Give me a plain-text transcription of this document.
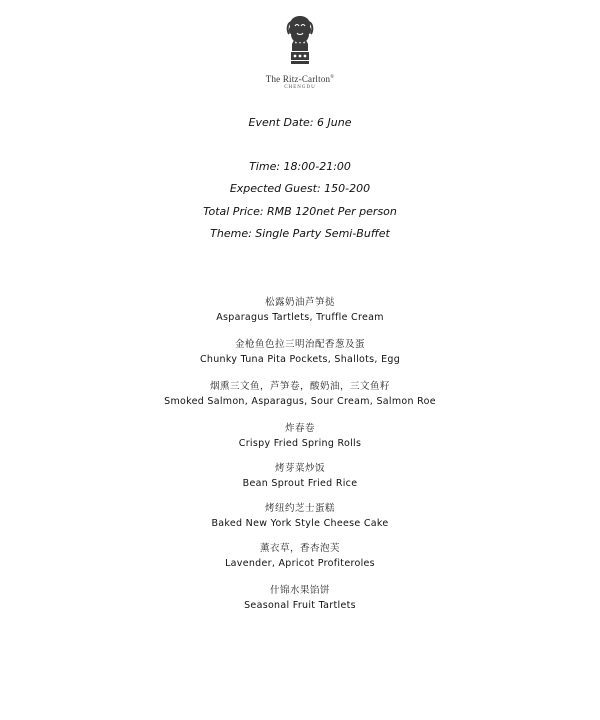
The Ritz-Carlton®
CHENGDU
Event Date: 6 June
Time: 18:00-21:00
Expected Guest: 150-200
Total Price: RMB 120net Per person
Theme: Single Party Semi-Buffet
松露奶油芦笋挞
Asparagus Tartlets, Truffle Cream
金枪鱼色拉三明治配香葱及蛋
Chunky Tuna Pita Pockets, Shallots, Egg
烟熏三文鱼，芦笋卷，酸奶油，三文鱼籽
Smoked Salmon, Asparagus, Sour Cream, Salmon Roe
炸春卷
Crispy Fried Spring Rolls
烤芽菜炒饭
Bean Sprout Fried Rice
烤纽约芝士蛋糕
Baked New York Style Cheese Cake
薰衣草，香杏泡芙
Lavender, Apricot Profiteroles
什锦水果馅饼
Seasonal Fruit Tartlets
